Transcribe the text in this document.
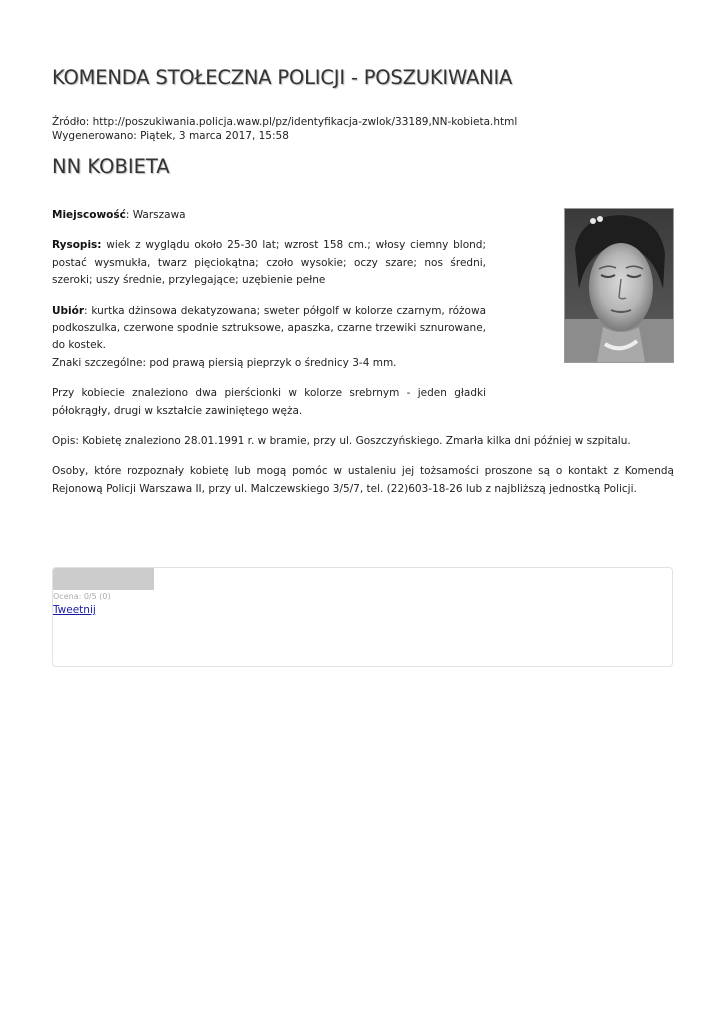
KOMENDA STOŁECZNA POLICJI - POSZUKIWANIA
Źródło: http://poszukiwania.policja.waw.pl/pz/identyfikacja-zwlok/33189,NN-kobieta.html
Wygenerowano: Piątek, 3 marca 2017, 15:58
NN KOBIETA

Miejscowość: Warszawa

Rysopis: wiek z wyglądu około 25-30 lat; wzrost 158 cm.; włosy ciemny blond; postać wysmukła, twarz pięciokątna; czoło wysokie; oczy szare; nos średni, szeroki; uszy średnie, przylegające; uzębienie pełne

Ubiór: kurtka dżinsowa dekatyzowana; sweter półgolf w kolorze czarnym, różowa podkoszulka, czerwone spodnie sztruksowe, apaszka, czarne trzewiki sznurowane, do kostek.
Znaki szczególne: pod prawą piersią pieprzyk o średnicy 3-4 mm.

Przy kobiecie znaleziono dwa pierścionki w kolorze srebrnym - jeden gładki półokrągły, drugi w kształcie zawiniętego węża.

Opis: Kobietę znaleziono 28.01.1991 r. w bramie, przy ul. Goszczyńskiego. Zmarła kilka dni później w szpitalu.

Osoby, które rozpoznały kobietę lub mogą pomóc w ustaleniu jej tożsamości proszone są o kontakt z Komendą Rejonową Policji Warszawa II, przy ul. Malczewskiego 3/5/7, tel. (22)603-18-26 lub z najbliższą jednostką Policji.

Ocena: 0/5 (0)
Tweetnij
